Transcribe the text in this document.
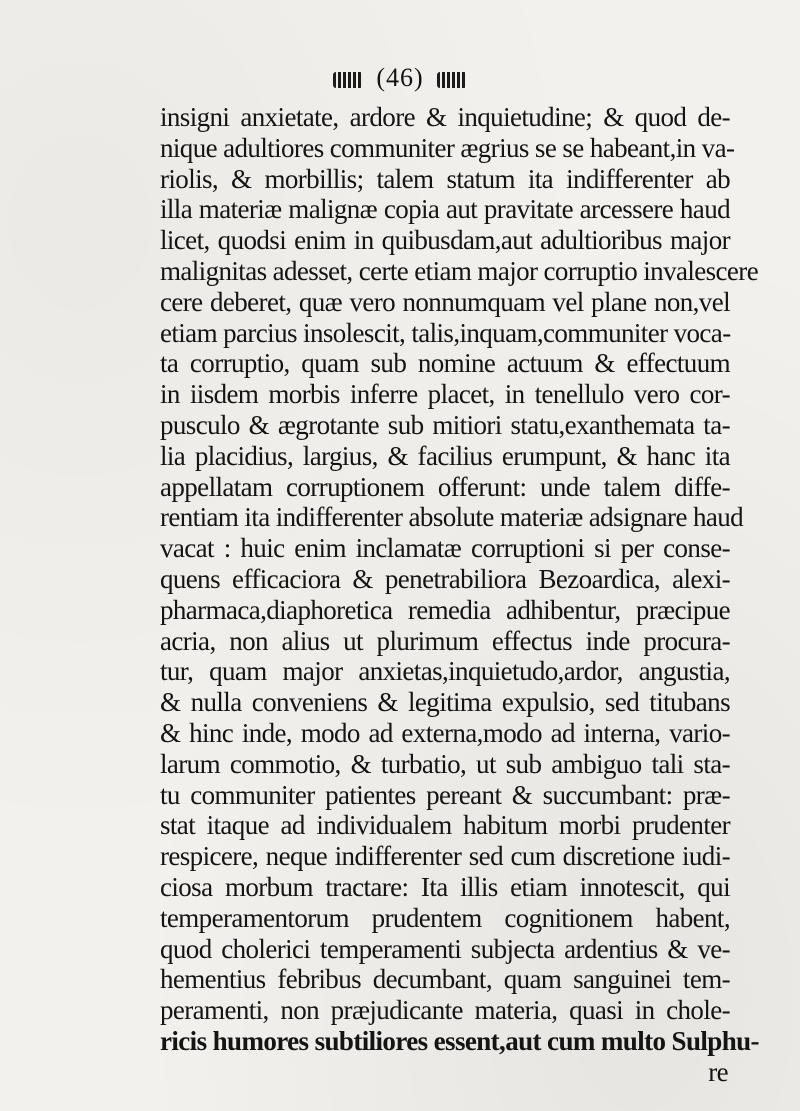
(46)
insigni anxietate, ardore & inquietudine; & quod de-
nique adultiores communiter ægrius se se habeant,in va-
riolis, & morbillis; talem statum ita indifferenter ab
illa materiæ malignæ copia aut pravitate arcessere haud
licet, quodsi enim in quibusdam,aut adultioribus major
malignitas adesset, certe etiam major corruptio invalescere
cere deberet, quæ vero nonnumquam vel plane non,vel
etiam parcius insolescit, talis,inquam,communiter voca-
ta corruptio, quam sub nomine actuum & effectuum
in iisdem morbis inferre placet, in tenellulo vero cor-
pusculo & ægrotante sub mitiori statu,exanthemata ta-
lia placidius, largius, & facilius erumpunt, & hanc ita
appellatam corruptionem offerunt: unde talem diffe-
rentiam ita indifferenter absolute materiæ adsignare haud
vacat : huic enim inclamatæ corruptioni si per conse-
quens efficaciora & penetrabiliora Bezoardica, alexi-
pharmaca,diaphoretica remedia adhibentur, præcipue
acria, non alius ut plurimum effectus inde procura-
tur, quam major anxietas,inquietudo,ardor, angustia,
& nulla conveniens & legitima expulsio, sed titubans
& hinc inde, modo ad externa,modo ad interna, vario-
larum commotio, & turbatio, ut sub ambiguo tali sta-
tu communiter patientes pereant & succumbant: præ-
stat itaque ad individualem habitum morbi prudenter
respicere, neque indifferenter sed cum discretione iudi-
ciosa morbum tractare: Ita illis etiam innotescit, qui
temperamentorum prudentem cognitionem habent,
quod cholerici temperamenti subjecta ardentius & ve-
hementius febribus decumbant, quam sanguinei tem-
peramenti, non præjudicante materia, quasi in chole-
ricis humores subtiliores essent,aut cum multo Sulphu-
re
